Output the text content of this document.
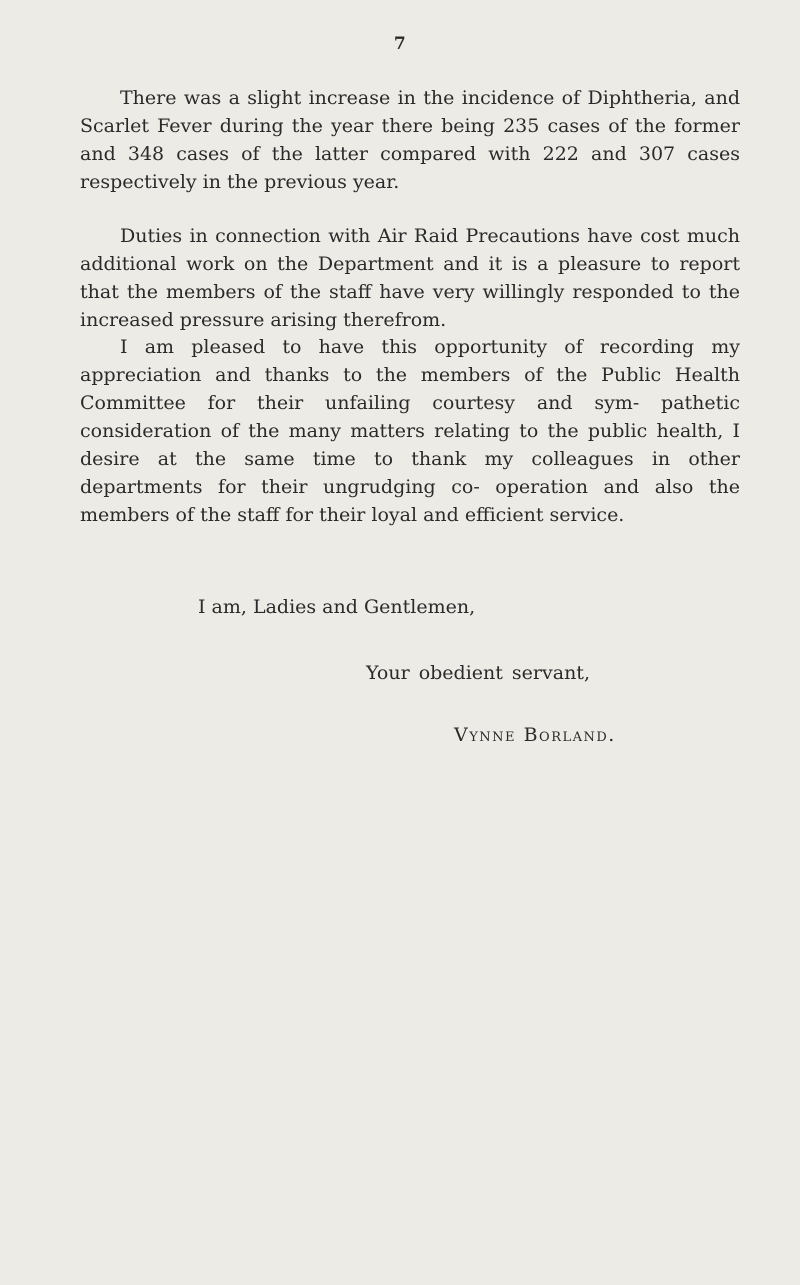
7

There was a slight increase in the incidence of Diphtheria, and Scarlet Fever during the year there being 235 cases of the former and 348 cases of the latter compared with 222 and 307 cases respectively in the previous year.

Duties in connection with Air Raid Precautions have cost much additional work on the Department and it is a pleasure to report that the members of the staff have very willingly responded to the increased pressure arising therefrom.

I am pleased to have this opportunity of recording my appreciation and thanks to the members of the Public Health Committee for their unfailing courtesy and sym- pathetic consideration of the many matters relating to the public health, I desire at the same time to thank my colleagues in other departments for their ungrudging co- operation and also the members of the staff for their loyal and efficient service.

I am, Ladies and Gentlemen,
Your obedient servant,
Vynne Borland.
